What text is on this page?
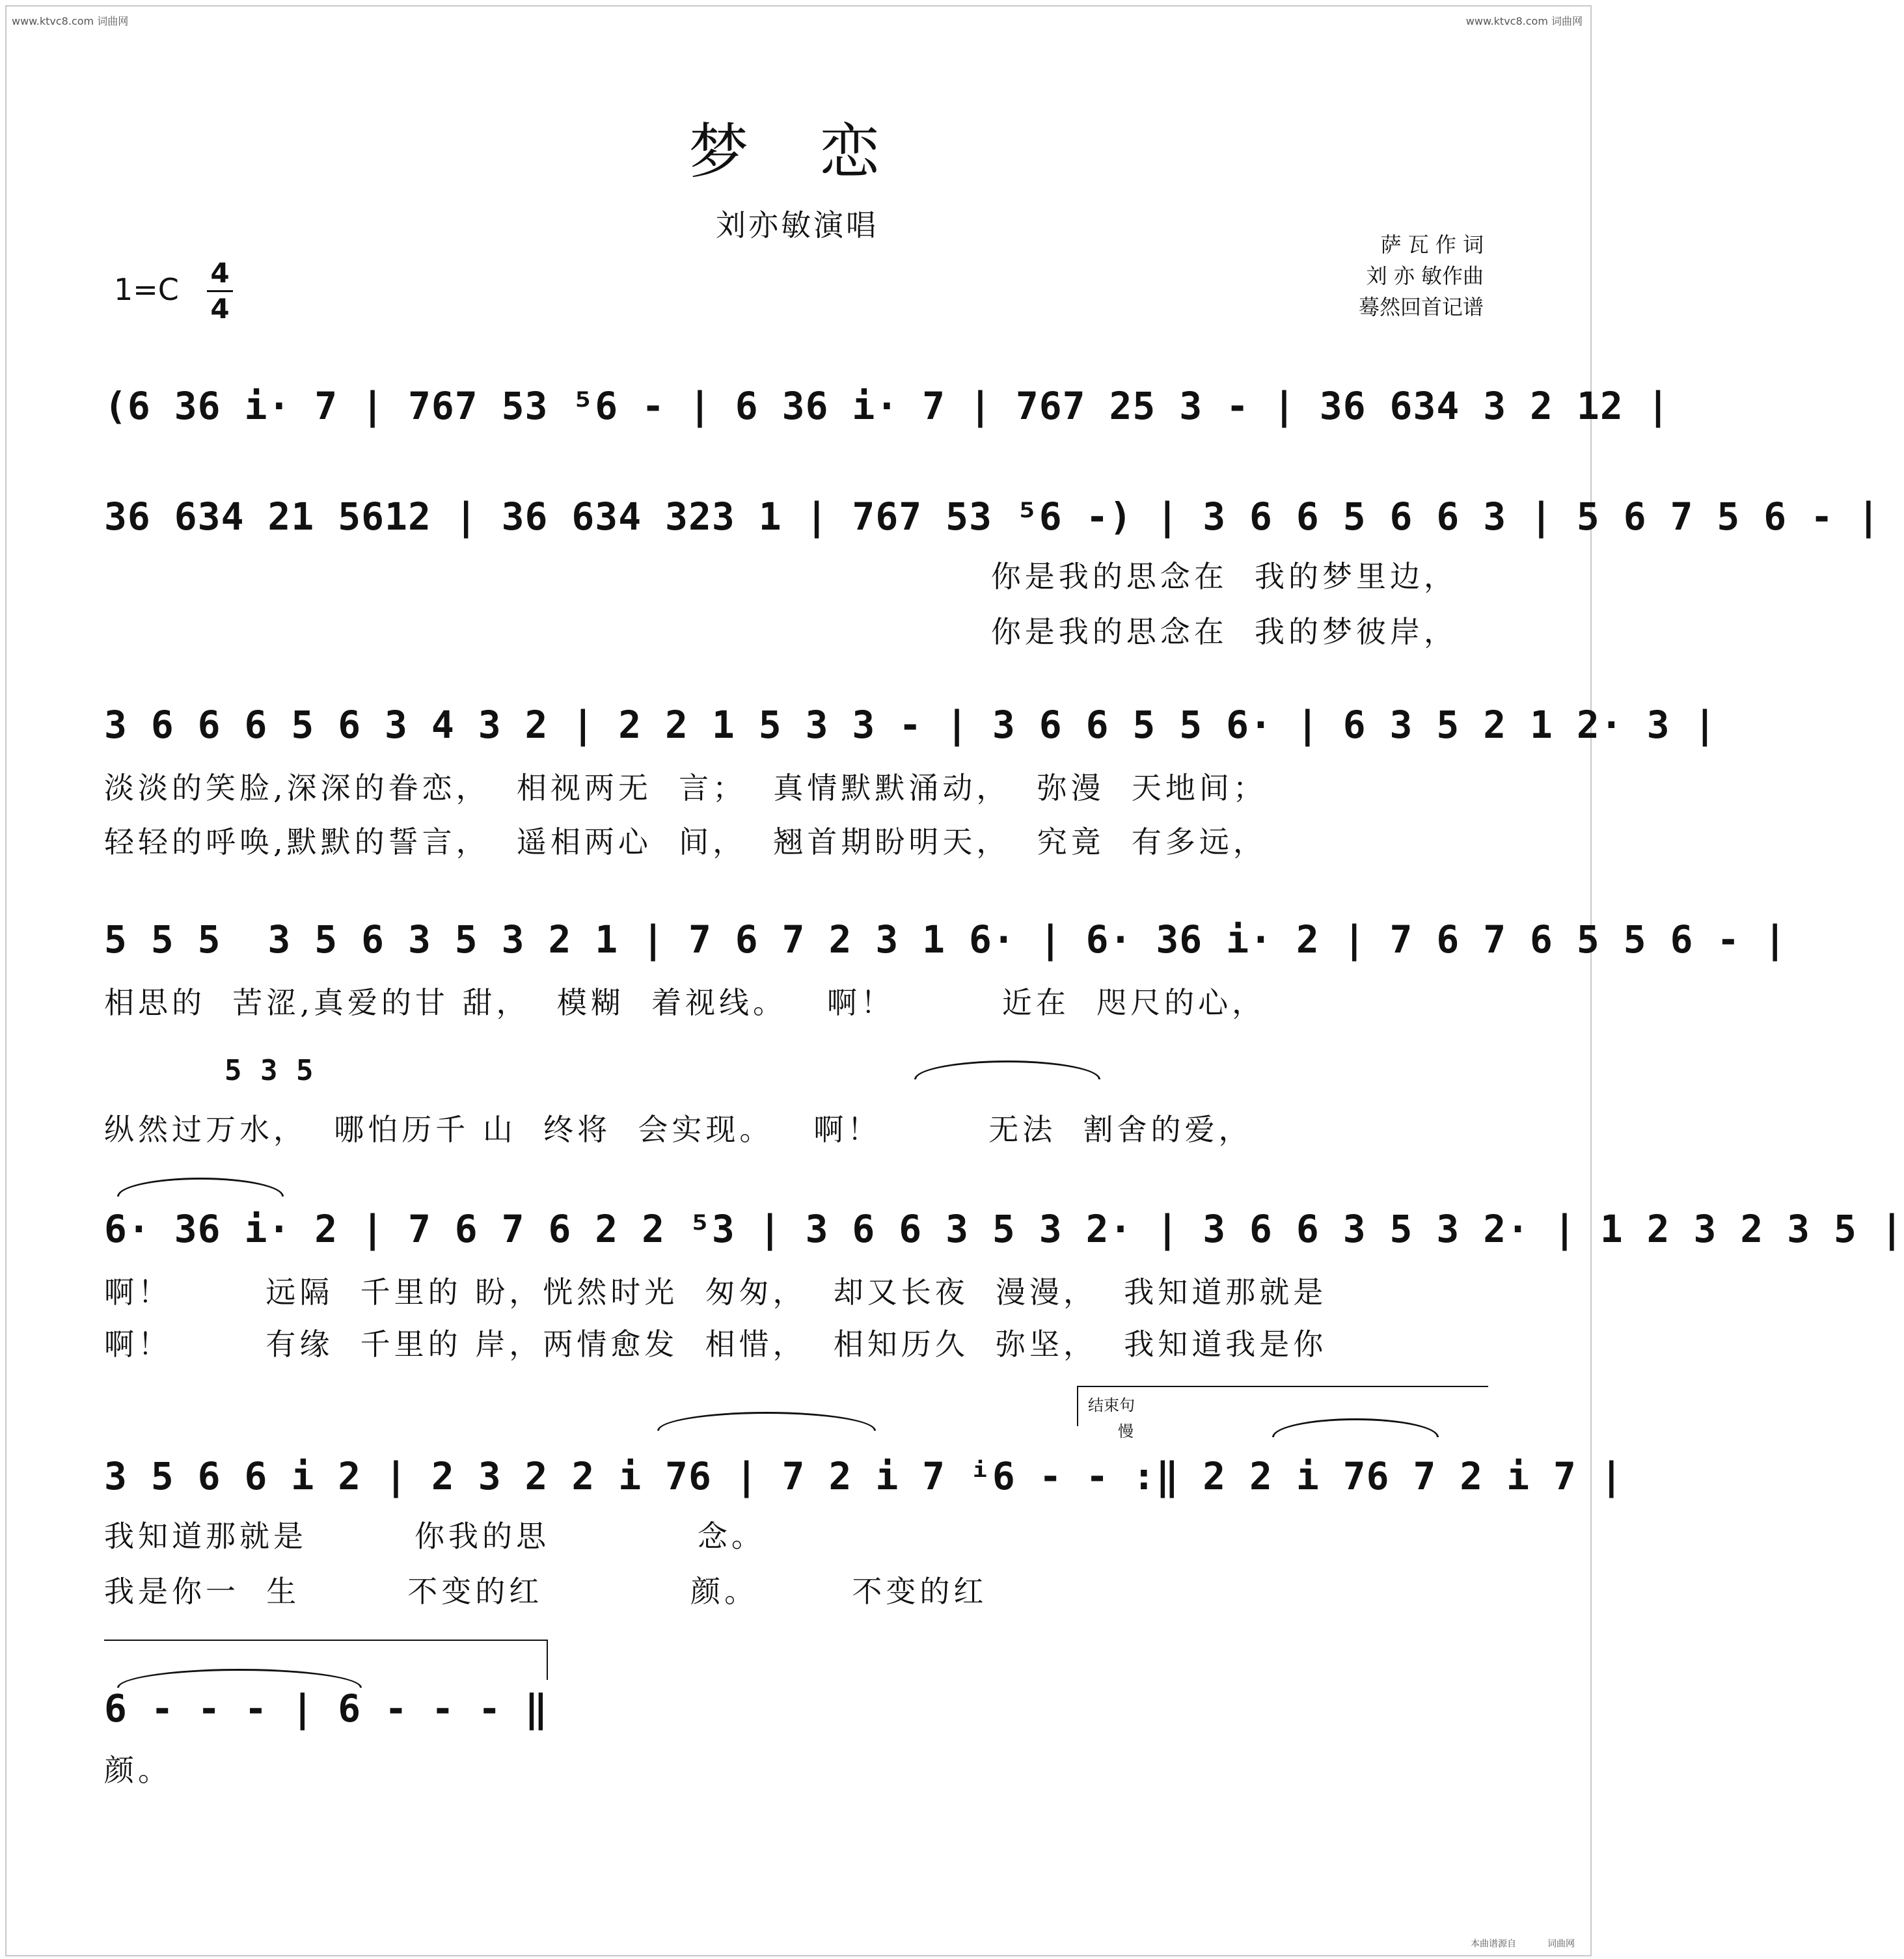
www.ktvc8.com 词曲网	www.ktvc8.com 词曲网
梦 恋
刘亦敏演唱
萨 瓦 作 词
刘 亦 敏作曲
蓦然回首记谱
1=C 4
4
(6 36 i· 7 | 767 53 ⁵6 - | 6 36 i· 7 | 767 25 3 - | 36 634 3 2 12 |
36 634 21 5612 | 36 634 323 1 | 767 53 ⁵6 -) | 3 6 6 5 6 6 3 | 5 6 7 5 6 - |
你是我的思念在  我的梦里边，
你是我的思念在  我的梦彼岸，
3 6 6 6 5 6 3 4 3 2 | 2 2 1 5 3 3 - | 3 6 6 5 5 6· | 6 3 5 2 1 2· 3 |
淡淡的笑脸,深深的眷恋，  相视两无  言；  真情默默涌动，  弥漫  天地间；
轻轻的呼唤,默默的誓言，  遥相两心  间，  翘首期盼明天，  究竟  有多远，
5 5 5  3 5 6 3 5 3 2 1 | 7 6 7 2 3 1 6· | 6· 36 i· 2 | 7 6 7 6 5 5 6 - |
相思的  苦涩,真爱的甘 甜，  模糊  着视线。   啊！        近在  咫尺的心，
5 3 5
纵然过万水，  哪怕历千 山  终将  会实现。   啊！        无法  割舍的爱，
6· 36 i· 2 | 7 6 7 6 2 2 ⁵3 | 3 6 6 3 5 3 2· | 3 6 6 3 5 3 2· | 1 2 3 2 3 5 |
啊！       远隔  千里的 盼，恍然时光  匆匆，  却又长夜  漫漫，  我知道那就是
啊！       有缘  千里的 岸，两情愈发  相惜，  相知历久  弥坚，  我知道我是你
结束句
慢
3 5 6 6 i 2 | 2 3 2 2 i 76 | 7 2 i 7 ⁱ6 - - :‖ 2 2 i 76 7 2 i 7 |
我知道那就是        你我的思           念。
我是你一  生        不变的红           颜。       不变的红
6 - - - | 6 - - - ‖
颜。
本曲谱源自	词曲网
